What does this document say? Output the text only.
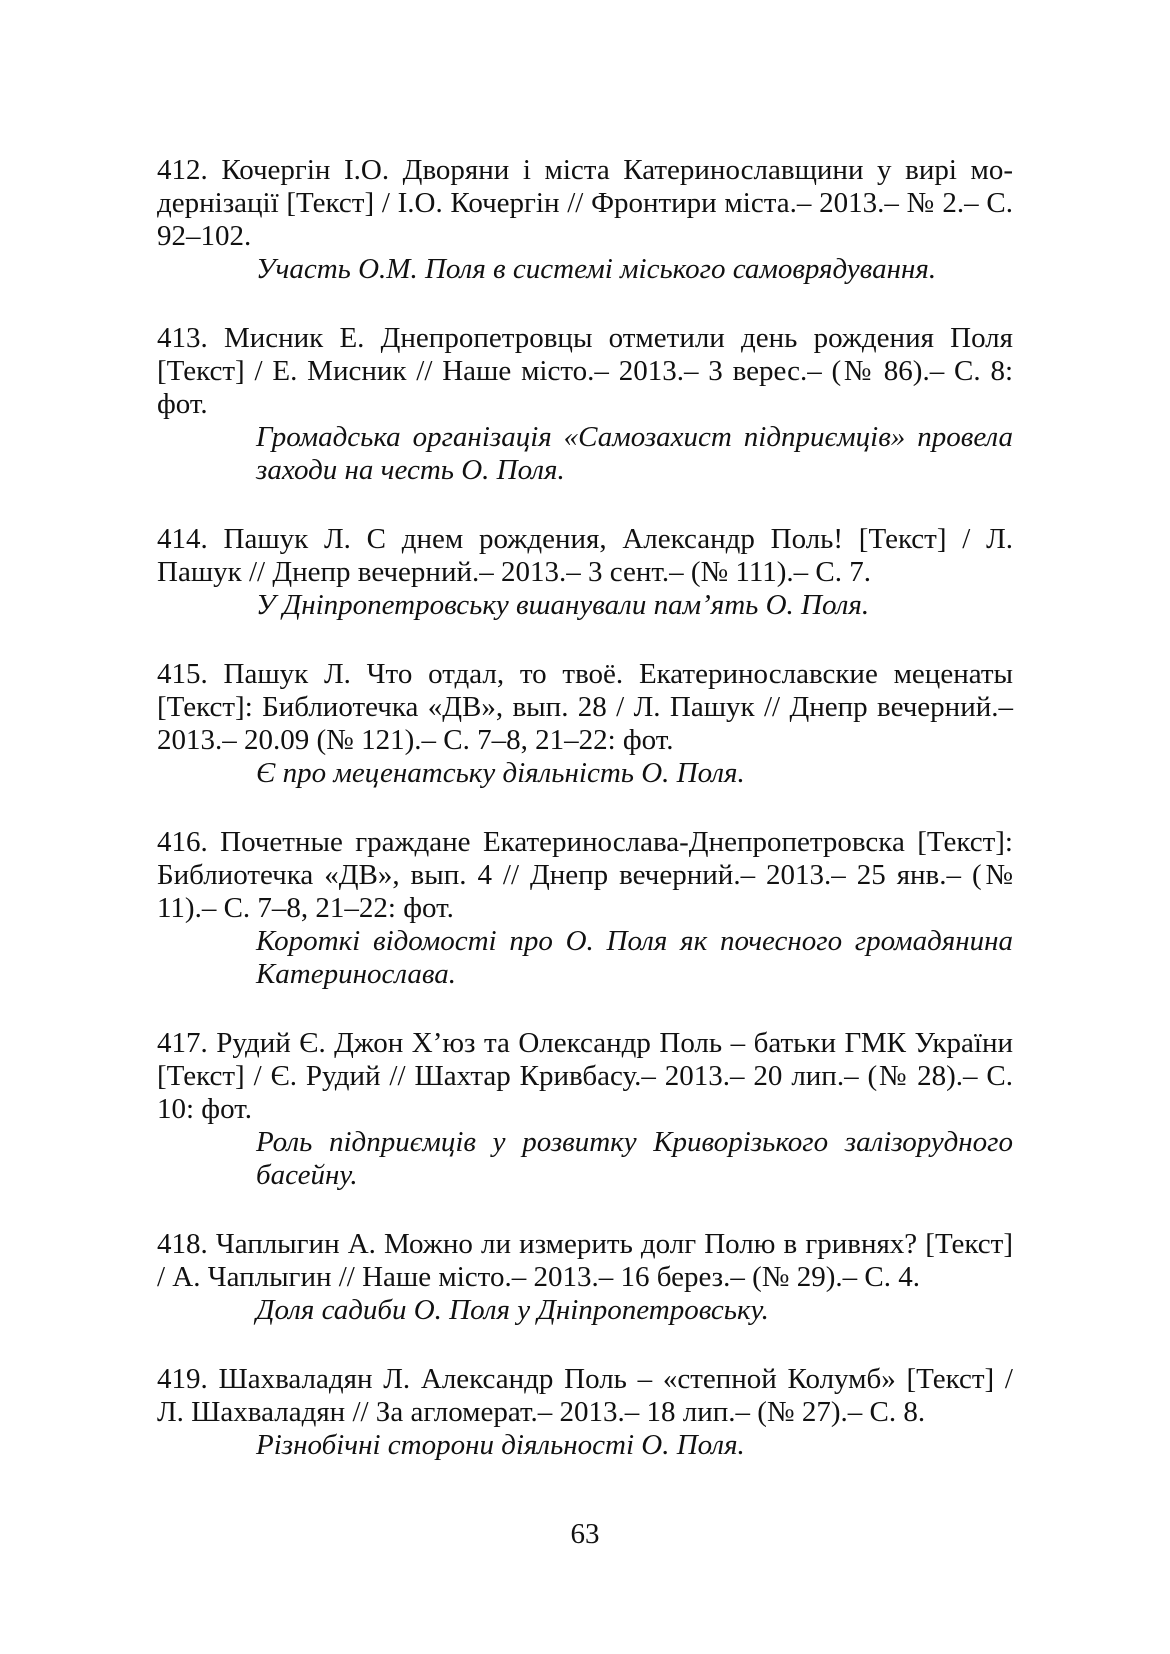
412. Кочергін І.О. Дворяни і міста Катеринославщини у вирі модернізації [Текст] / І.О. Кочергін // Фронтири міста.– 2013.– № 2.– С. 92–102.

Участь О.М. Поля в системі міського самоврядування.

413. Мисник Е. Днепропетровцы отметили день рождения Поля [Текст] / Е. Мисник // Наше місто.– 2013.– 3 верес.– (№ 86).– С. 8: фот.

Громадська організація «Самозахист підприємців» провела заходи на честь О. Поля.

414. Пашук Л. С днем рождения, Александр Поль! [Текст] / Л. Пашук // Днепр вечерний.– 2013.– 3 сент.– (№ 111).– С. 7.

У Дніпропетровську вшанували пам’ять О. Поля.

415. Пашук Л. Что отдал, то твоё. Екатеринославские меценаты [Текст]: Библиотечка «ДВ», вып. 28 / Л. Пашук // Днепр вечерний.– 2013.– 20.09 (№ 121).– С. 7–8, 21–22: фот.

Є про меценатську діяльність О. Поля.

416. Почетные граждане Екатеринослава-Днепропетровска [Текст]: Библиотечка «ДВ», вып. 4 // Днепр вечерний.– 2013.– 25 янв.– (№ 11).– С. 7–8, 21–22: фот.

Короткі відомості про О. Поля як почесного громадянина Катеринослава.

417. Рудий Є. Джон Х’юз та Олександр Поль – батьки ГМК України [Текст] / Є. Рудий // Шахтар Кривбасу.– 2013.– 20 лип.– (№ 28).– С. 10: фот.

Роль підприємців у розвитку Криворізького залізорудного басейну.

418. Чаплыгин А. Можно ли измерить долг Полю в гривнях? [Текст] / А. Чаплыгин // Наше місто.– 2013.– 16 берез.– (№ 29).– С. 4.

Доля садиби О. Поля у Дніпропетровську.

419. Шахваладян Л. Александр Поль – «степной Колумб» [Текст] / Л. Шахваладян // За агломерат.– 2013.– 18 лип.– (№ 27).– С. 8.

Різнобічні сторони діяльності О. Поля.

63
